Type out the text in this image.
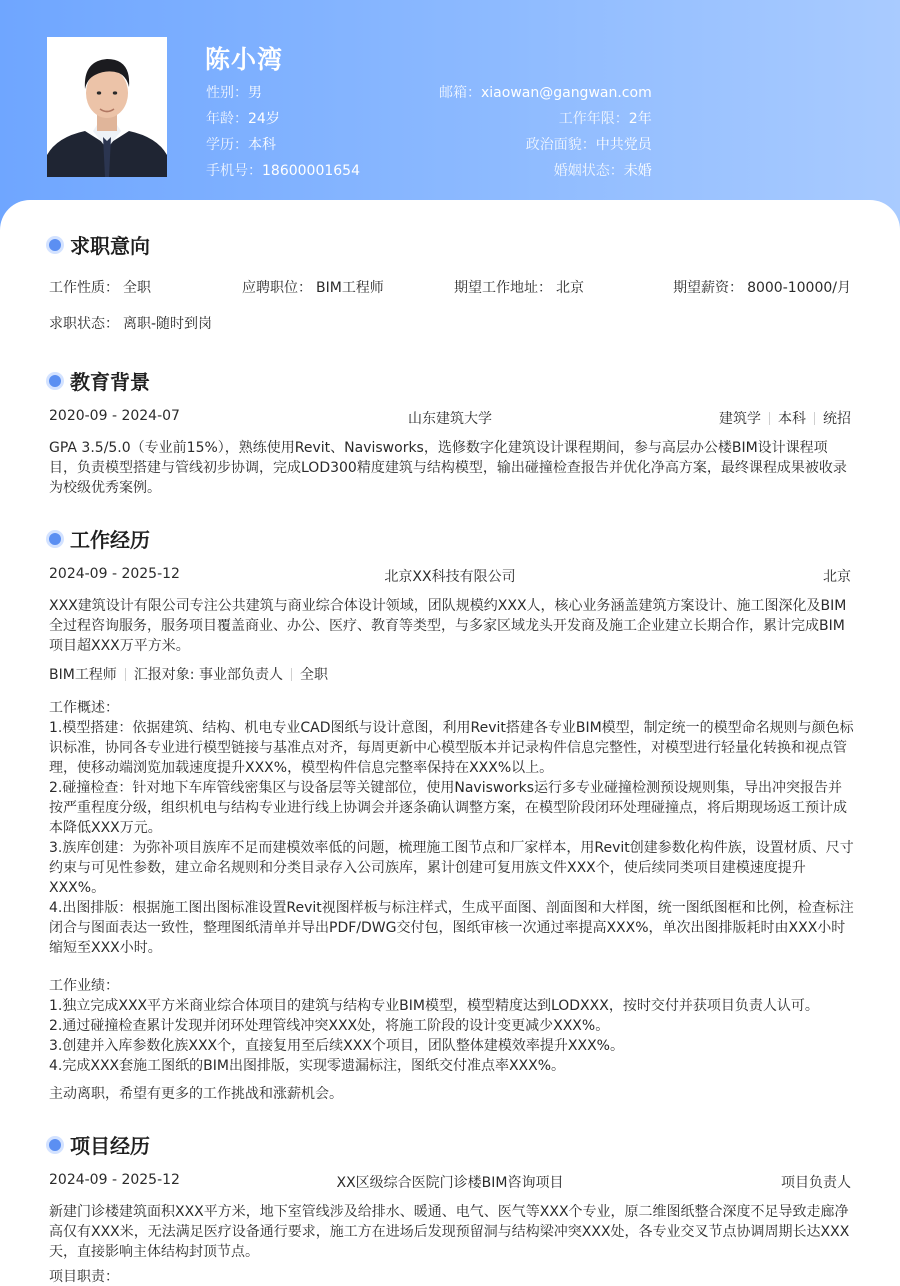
陈小湾
性别：男
年龄：24岁
学历：本科
手机号：18600001654
邮箱：xiaowan@gangwan.com
工作年限：2年
政治面貌：中共党员
婚姻状态：未婚
求职意向
工作性质： 全职	应聘职位： BIM工程师	期望工作地址： 北京	期望薪资： 8000-10000/月
求职状态： 离职-随时到岗
教育背景
2020-09 - 2024-07	山东建筑大学	建筑学 本科 统招
GPA 3.5/5.0（专业前15%），熟练使用Revit、Navisworks，选修数字化建筑设计课程期间，参与高层办公楼BIM设计课程项目，负责模型搭建与管线初步协调，完成LOD300精度建筑与结构模型，输出碰撞检查报告并优化净高方案，最终课程成果被收录为校级优秀案例。
工作经历
2024-09 - 2025-12	北京XX科技有限公司	北京
XXX建筑设计有限公司专注公共建筑与商业综合体设计领域，团队规模约XXX人，核心业务涵盖建筑方案设计、施工图深化及BIM全过程咨询服务，服务项目覆盖商业、办公、医疗、教育等类型，与多家区域龙头开发商及施工企业建立长期合作，累计完成BIM项目超XXX万平方米。
BIM工程师 汇报对象: 事业部负责人 全职
工作概述：
1.模型搭建：依据建筑、结构、机电专业CAD图纸与设计意图，利用Revit搭建各专业BIM模型，制定统一的模型命名规则与颜色标识标准，协同各专业进行模型链接与基准点对齐，每周更新中心模型版本并记录构件信息完整性，对模型进行轻量化转换和视点管理，使移动端浏览加载速度提升XXX%，模型构件信息完整率保持在XXX%以上。
2.碰撞检查：针对地下车库管线密集区与设备层等关键部位，使用Navisworks运行多专业碰撞检测预设规则集，导出冲突报告并按严重程度分级，组织机电与结构专业进行线上协调会并逐条确认调整方案，在模型阶段闭环处理碰撞点，将后期现场返工预计成本降低XXX万元。
3.族库创建：为弥补项目族库不足而建模效率低的问题，梳理施工图节点和厂家样本，用Revit创建参数化构件族，设置材质、尺寸约束与可见性参数，建立命名规则和分类目录存入公司族库，累计创建可复用族文件XXX个，使后续同类项目建模速度提升XXX%。
4.出图排版：根据施工图出图标准设置Revit视图样板与标注样式，生成平面图、剖面图和大样图，统一图纸图框和比例，检查标注闭合与图面表达一致性，整理图纸清单并导出PDF/DWG交付包，图纸审核一次通过率提高XXX%，单次出图排版耗时由XXX小时缩短至XXX小时。
工作业绩：
1.独立完成XXX平方米商业综合体项目的建筑与结构专业BIM模型，模型精度达到LODXXX，按时交付并获项目负责人认可。
2.通过碰撞检查累计发现并闭环处理管线冲突XXX处，将施工阶段的设计变更减少XXX%。
3.创建并入库参数化族XXX个，直接复用至后续XXX个项目，团队整体建模效率提升XXX%。
4.完成XXX套施工图纸的BIM出图排版，实现零遗漏标注，图纸交付准点率XXX%。
主动离职，希望有更多的工作挑战和涨薪机会。
项目经历
2024-09 - 2025-12	XX区级综合医院门诊楼BIM咨询项目	项目负责人
新建门诊楼建筑面积XXX平方米，地下室管线涉及给排水、暖通、电气、医气等XXX个专业，原二维图纸整合深度不足导致走廊净高仅有XXX米，无法满足医疗设备通行要求，施工方在进场后发现预留洞与结构梁冲突XXX处，各专业交叉节点协调周期长达XXX天，直接影响主体结构封顶节点。
项目职责：
